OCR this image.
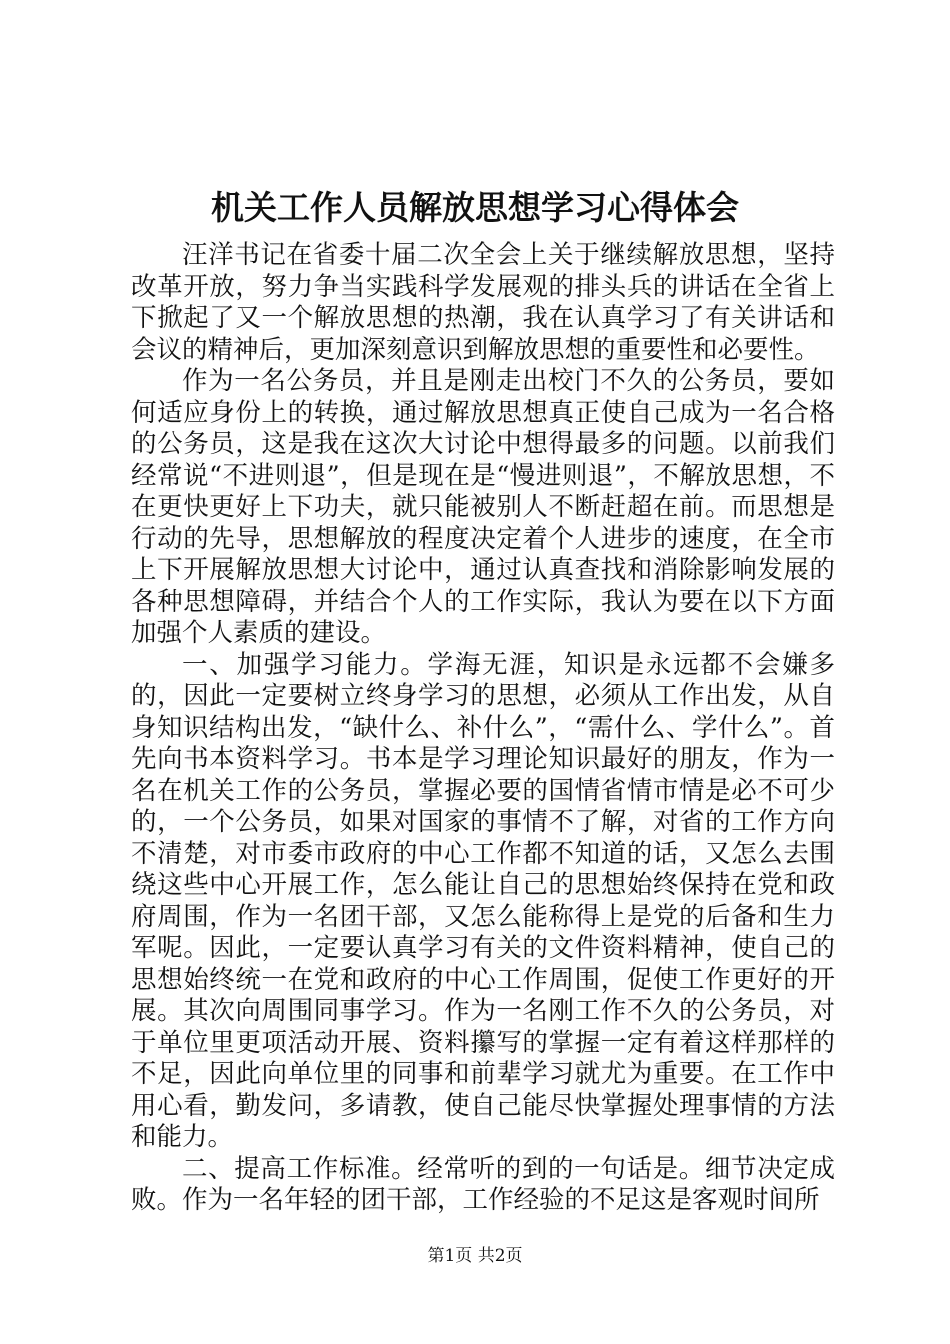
机关工作人员解放思想学习心得体会

汪洋书记在省委十届二次全会上关于继续解放思想，坚持改革开放，努力争当实践科学发展观的排头兵的讲话在全省上下掀起了又一个解放思想的热潮，我在认真学习了有关讲话和会议的精神后，更加深刻意识到解放思想的重要性和必要性。

作为一名公务员，并且是刚走出校门不久的公务员，要如何适应身份上的转换，通过解放思想真正使自己成为一名合格的公务员，这是我在这次大讨论中想得最多的问题。以前我们经常说“不进则退”，但是现在是“慢进则退”，不解放思想，不在更快更好上下功夫，就只能被别人不断赶超在前。而思想是行动的先导，思想解放的程度决定着个人进步的速度，在全市上下开展解放思想大讨论中，通过认真查找和消除影响发展的各种思想障碍，并结合个人的工作实际，我认为要在以下方面加强个人素质的建设。

一、加强学习能力。学海无涯，知识是永远都不会嫌多的，因此一定要树立终身学习的思想，必须从工作出发，从自身知识结构出发，“缺什么、补什么”，“需什么、学什么”。首先向书本资料学习。书本是学习理论知识最好的朋友，作为一名在机关工作的公务员，掌握必要的国情省情市情是必不可少的，一个公务员，如果对国家的事情不了解，对省的工作方向不清楚，对市委市政府的中心工作都不知道的话，又怎么去围绕这些中心开展工作，怎么能让自己的思想始终保持在党和政府周围，作为一名团干部，又怎么能称得上是党的后备和生力军呢。因此，一定要认真学习有关的文件资料精神，使自己的思想始终统一在党和政府的中心工作周围，促使工作更好的开展。其次向周围同事学习。作为一名刚工作不久的公务员，对于单位里更项活动开展、资料攥写的掌握一定有着这样那样的不足，因此向单位里的同事和前辈学习就尤为重要。在工作中用心看，勤发问，多请教，使自己能尽快掌握处理事情的方法和能力。

二、提高工作标准。经常听的到的一句话是。细节决定成败。作为一名年轻的团干部，工作经验的不足这是客观时间所

第1页 共2页
